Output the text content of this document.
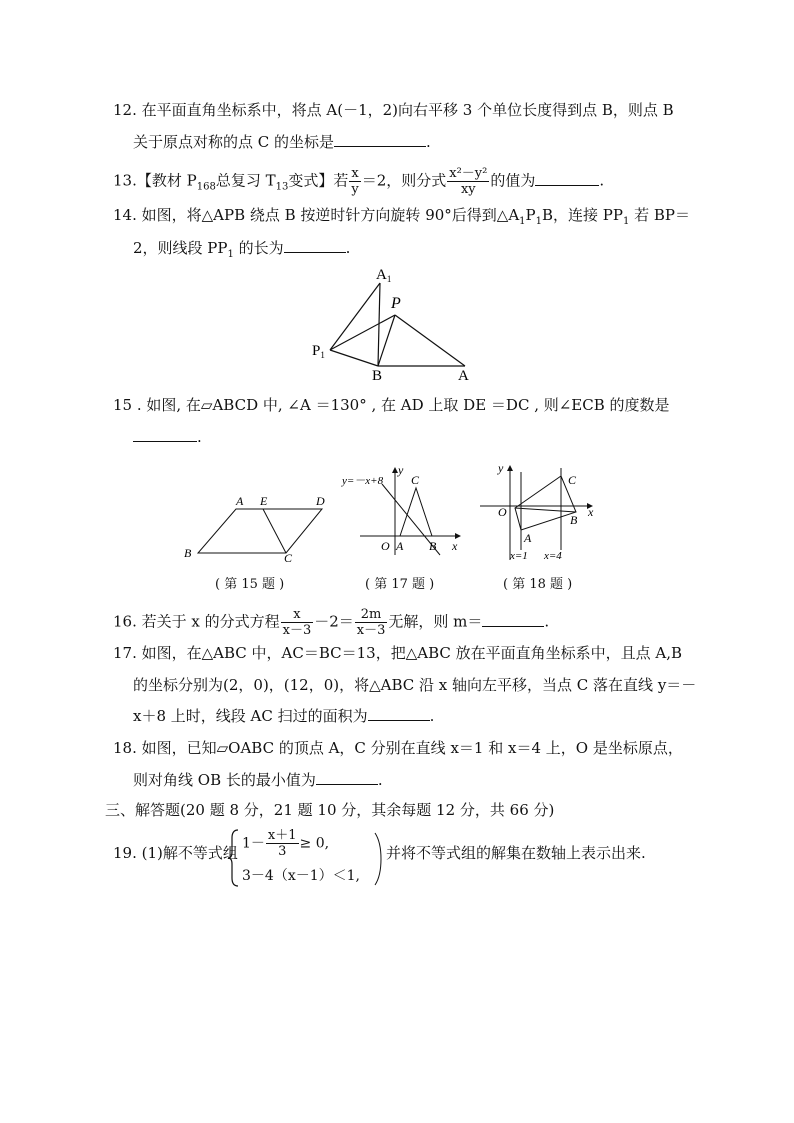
12. 在平面直角坐标系中，将点 A(－1，2)向右平移 3 个单位长度得到点 B，则点 B
关于原点对称的点 C 的坐标是	.
13.【教材 $P_{168}$总复习 $T_{13}$变式】若 $\frac{x}{y} =2$，则分式 $\frac{\text{x²－y²}}{xy}$ 的值为	.
14. 如图，将△APB 绕点 B 按逆时针方向旋转 90°后得到$\triangle A_1P_1B$，连接 $PP_1$ 若 BP＝
2，则线段 $PP_1$ 的长为	.
$A_1$
P
$P_1$
B	A
15 . 如图, 在▱ABCD 中, ∠A ＝130° , 在 AD 上取 DE ＝DC , 则∠ECB 的度数是
.
A E	D
B	C
( 第 15 题 )
y=－x+8
y
C
O A B x
( 第 17 题 )
y
C
O
B
x
A
x=1 x=4
( 第 18 题 )
16. 若关于 x 的分式方程 $\frac{x}{x-3} -2= \frac{2m}{x-3}$ 无解，则 m＝	.
17. 如图，在△ABC 中，AC＝BC＝13，把△ABC 放在平面直角坐标系中，且点 A,B
的坐标分别为(2，0)，(12，0)，将△ABC 沿 x 轴向左平移，当点 C 落在直线 y＝－
x＋8 上时，线段 AC 扫过的面积为	.
18. 如图，已知▱OABC 的顶点 A，C 分别在直线 x＝1 和 x＝4 上，O 是坐标原点，
则对角线 OB 长的最小值为	.
三、解答题(20 题 8 分，21 题 10 分，其余每题 12 分，共 66 分)
19. (1)解不等式组
$1- \frac{x+1}{3} \ge 0$,
3－4（x－1）＜1,
并将不等式组的解集在数轴上表示出来.
